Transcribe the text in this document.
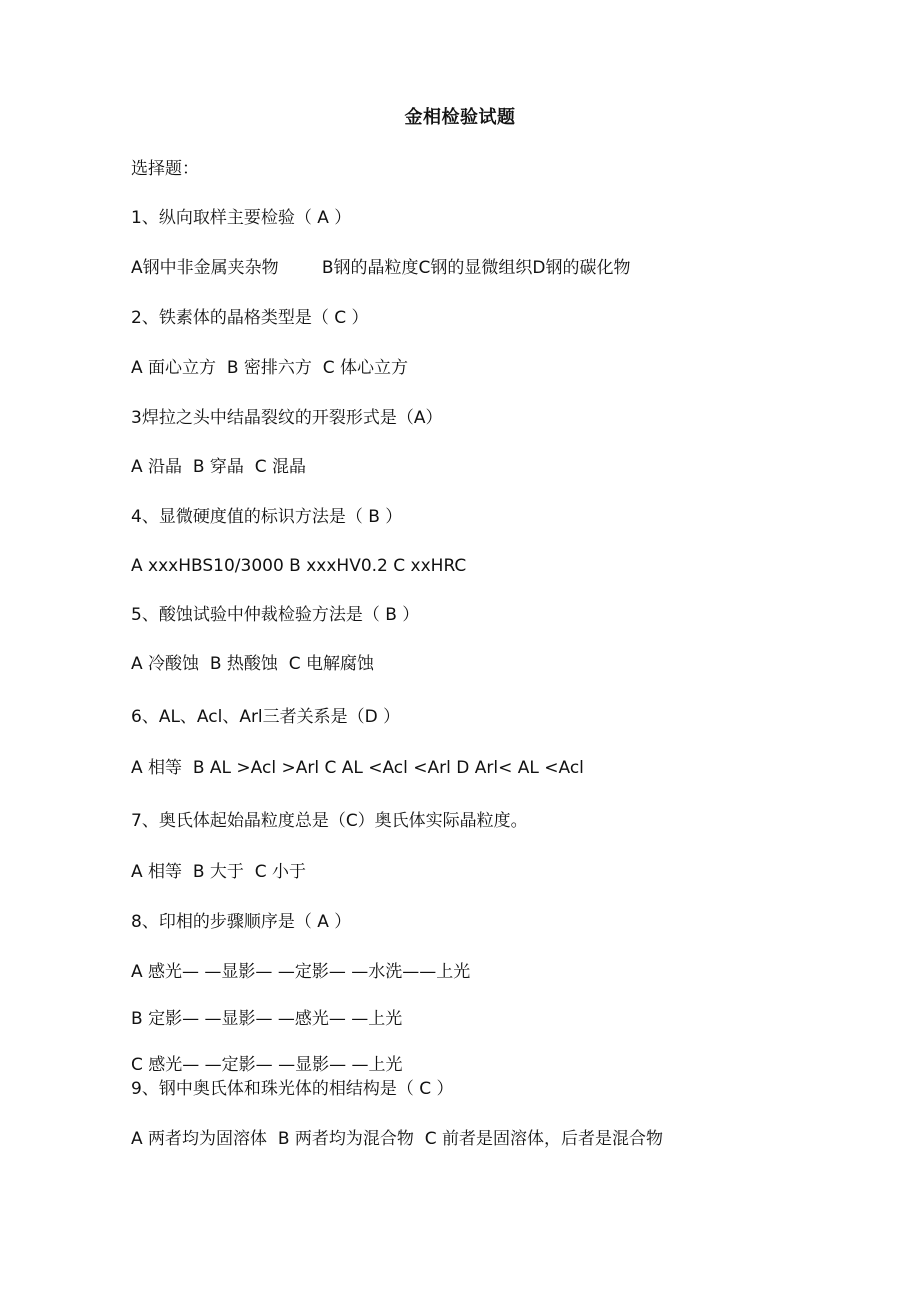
金相检验试题
选择题：
1、纵向取样主要检验（ A ）
A钢中非金属夹杂物        B钢的晶粒度C钢的显微组织D钢的碳化物
2、铁素体的晶格类型是（ C ）
A 面心立方  B 密排六方  C 体心立方
3焊拉之头中结晶裂纹的开裂形式是（A）
A 沿晶  B 穿晶  C 混晶
4、显微硬度值的标识方法是（ B ）
A xxxHBS10/3000 B xxxHV0.2 C xxHRC
5、酸蚀试验中仲裁检验方法是（ B ）
A 冷酸蚀  B 热酸蚀  C 电解腐蚀
6、AL、Acl、Arl三者关系是（D ）
A 相等  B AL >Acl >Arl C AL <Acl <Arl D Arl< AL <Acl
7、奥氏体起始晶粒度总是（C）奥氏体实际晶粒度。
A 相等  B 大于  C 小于
8、印相的步骤顺序是（ A ）
A 感光— —显影— —定影— —水洗——上光
B 定影— —显影— —感光— —上光
C 感光— —定影— —显影— —上光
9、钢中奥氏体和珠光体的相结构是（ C ）
A 两者均为固溶体  B 两者均为混合物  C 前者是固溶体，后者是混合物
